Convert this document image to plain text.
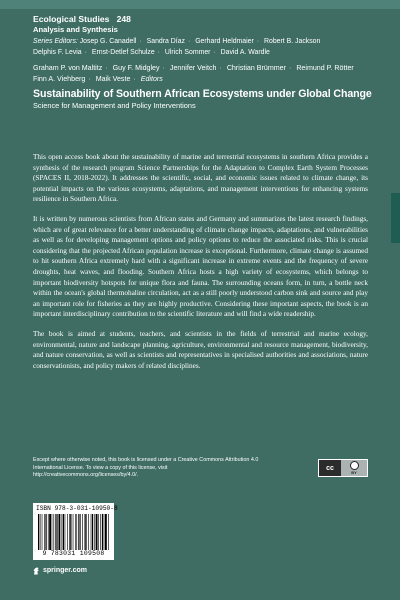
Ecological Studies   248
Analysis and Synthesis
Series Editors: Josep G. Canadell · Sandra Díaz · Gerhard Heldmaier · Robert B. Jackson
Delphis F. Levia · Ernst-Detlef Schulze · Ulrich Sommer · David A. Wardle
Graham P. von Maltitz · Guy F. Midgley · Jennifer Veitch · Christian Brümmer · Reimund P. Rötter
Finn A. Viehberg · Maik Veste · Editors
Sustainability of Southern African Ecosystems under Global Change
Science for Management and Policy Interventions

This open access book about the sustainability of marine and terrestrial ecosystems in southern Africa provides a synthesis of the research program Science Partnerships for the Adaptation to Complex Earth System Processes (SPACES II, 2018-2022). It addresses the scientific, social, and economic issues related to climate change, its potential impacts on the various ecosystems, adaptations, and management interventions for enhancing systems resilience in Southern Africa.

It is written by numerous scientists from African states and Germany and summarizes the latest research findings, which are of great relevance for a better understanding of climate change impacts, adaptations, and vulnerabilities as well as for developing management options and policy options to reduce the associated risks. This is crucial considering that the projected African population increase is exceptional. Furthermore, climate change is assumed to hit southern Africa extremely hard with a significant increase in extreme events and the frequency of severe droughts, heat waves, and flooding. Southern Africa hosts a high variety of ecosystems, which belongs to important biodiversity hotspots for unique flora and fauna. The surrounding oceans form, in turn, a bottle neck within the ocean's global thermohaline circulation, act as a still poorly understood carbon sink and source and play an important role for fisheries as they are highly productive. Considering these important aspects, the book is an important interdisciplinary contribution to the scientific literature and will find a wide readership.

The book is aimed at students, teachers, and scientists in the fields of terrestrial and marine ecology, environmental, nature and landscape planning, agriculture, environmental and resource management, biodiversity, and nature conservation, as well as scientists and representatives in specialised authorities and associations, nature conservationists, and policy makers of related disciplines.

Except where otherwise noted, this book is licensed under a Creative Commons Attribution 4.0 International License. To view a copy of this license, visit http://creativecommons.org/licenses/by/4.0/.
cc
BY
ISBN 978-3-031-10950-8
9 783031 109508
springer.com
